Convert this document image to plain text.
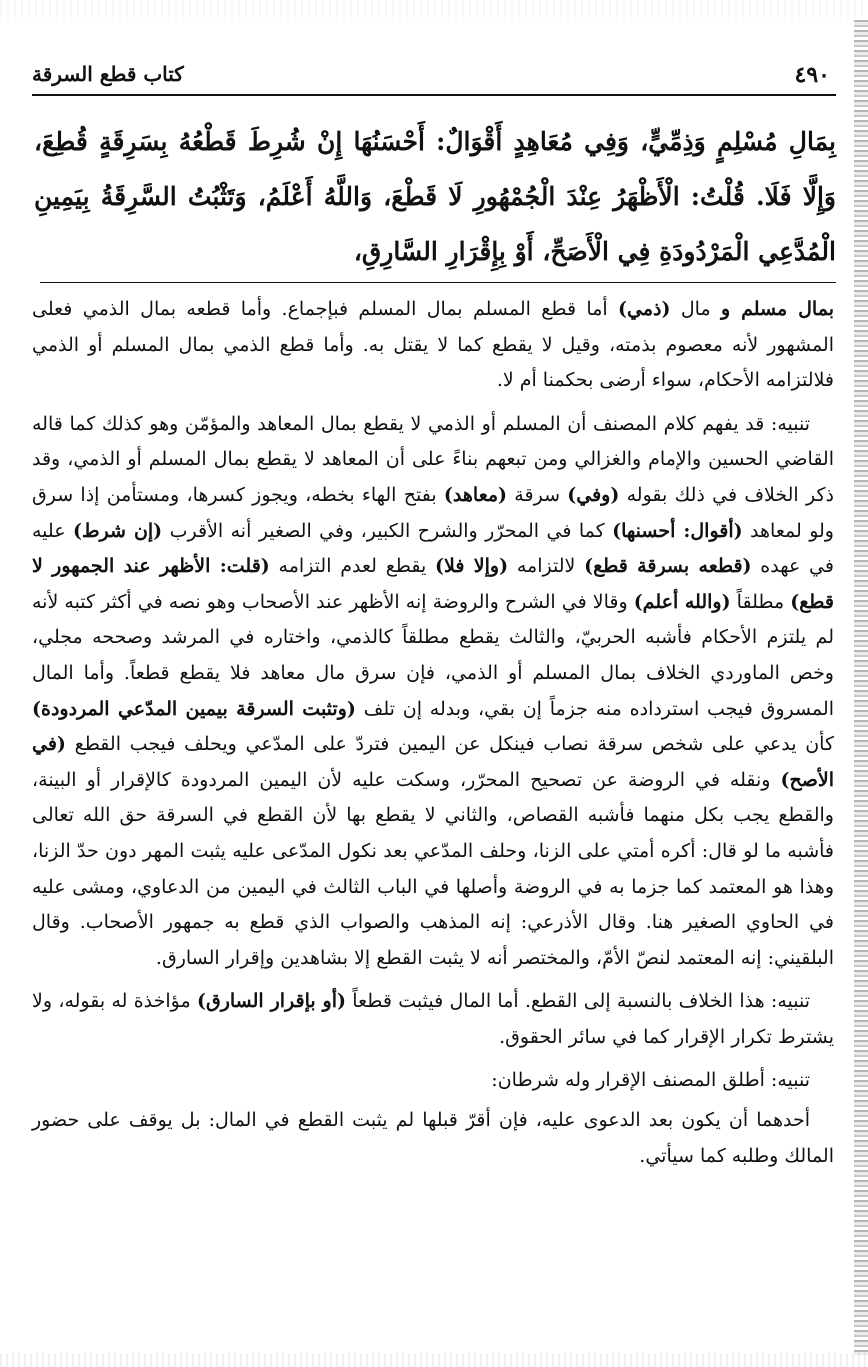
٤٩٠
كتاب قطع السرقة
بِمَالِ مُسْلِمٍ وَذِمِّيٍّ، وَفِي مُعَاهِدٍ أَقْوَالٌ: أَحْسَنُهَا إِنْ شُرِطَ قَطْعُهُ بِسَرِقَةٍ قُطِعَ، وَإِلَّا فَلَا. قُلْتُ: الْأَظْهَرُ عِنْدَ الْجُمْهُورِ لَا قَطْعَ، وَاللَّهُ أَعْلَمُ، وَتَثْبُتُ السَّرِقَةُ بِيَمِينِ الْمُدَّعِي الْمَرْدُودَةِ فِي الْأَصَحِّ، أَوْ بِإِقْرَارِ السَّارِقِ،

بمال مسلم و مال (ذمي) أما قطع المسلم بمال المسلم فبإجماع. وأما قطعه بمال الذمي فعلى المشهور لأنه معصوم بذمته، وقيل لا يقطع كما لا يقتل به. وأما قطع الذمي بمال المسلم أو الذمي فلالتزامه الأحكام، سواء أرضى بحكمنا أم لا.

تنبيه: قد يفهم كلام المصنف أن المسلم أو الذمي لا يقطع بمال المعاهد والمؤمّن وهو كذلك كما قاله القاضي الحسين والإمام والغزالي ومن تبعهم بناءً على أن المعاهد لا يقطع بمال المسلم أو الذمي، وقد ذكر الخلاف في ذلك بقوله (وفي) سرقة (معاهد) بفتح الهاء بخطه، ويجوز كسرها، ومستأمن إذا سرق ولو لمعاهد (أقوال: أحسنها) كما في المحرّر والشرح الكبير، وفي الصغير أنه الأقرب (إن شرط) عليه في عهده (قطعه بسرقة قطع) لالتزامه (وإلا فلا) يقطع لعدم التزامه (قلت: الأظهر عند الجمهور لا قطع) مطلقاً (والله أعلم) وقالا في الشرح والروضة إنه الأظهر عند الأصحاب وهو نصه في أكثر كتبه لأنه لم يلتزم الأحكام فأشبه الحربيّ، والثالث يقطع مطلقاً كالذمي، واختاره في المرشد وصححه مجلي، وخص الماوردي الخلاف بمال المسلم أو الذمي، فإن سرق مال معاهد فلا يقطع قطعاً. وأما المال المسروق فيجب استرداده منه جزماً إن بقي، وبدله إن تلف (وتثبت السرقة بيمين المدّعي المردودة) كأن يدعي على شخص سرقة نصاب فينكل عن اليمين فتردّ على المدّعي ويحلف فيجب القطع (في الأصح) ونقله في الروضة عن تصحيح المحرّر، وسكت عليه لأن اليمين المردودة كالإقرار أو البينة، والقطع يجب بكل منهما فأشبه القصاص، والثاني لا يقطع بها لأن القطع في السرقة حق الله تعالى فأشبه ما لو قال: أكره أمتي على الزنا، وحلف المدّعي بعد نكول المدّعى عليه يثبت المهر دون حدّ الزنا، وهذا هو المعتمد كما جزما به في الروضة وأصلها في الباب الثالث في اليمين من الدعاوي، ومشى عليه في الحاوي الصغير هنا. وقال الأذرعي: إنه المذهب والصواب الذي قطع به جمهور الأصحاب. وقال البلقيني: إنه المعتمد لنصّ الأمّ، والمختصر أنه لا يثبت القطع إلا بشاهدين وإقرار السارق.

تنبيه: هذا الخلاف بالنسبة إلى القطع. أما المال فيثبت قطعاً (أو بإقرار السارق) مؤاخذة له بقوله، ولا يشترط تكرار الإقرار كما في سائر الحقوق.

تنبيه: أطلق المصنف الإقرار وله شرطان:

أحدهما أن يكون بعد الدعوى عليه، فإن أقرّ قبلها لم يثبت القطع في المال: بل يوقف على حضور المالك وطلبه كما سيأتي.
